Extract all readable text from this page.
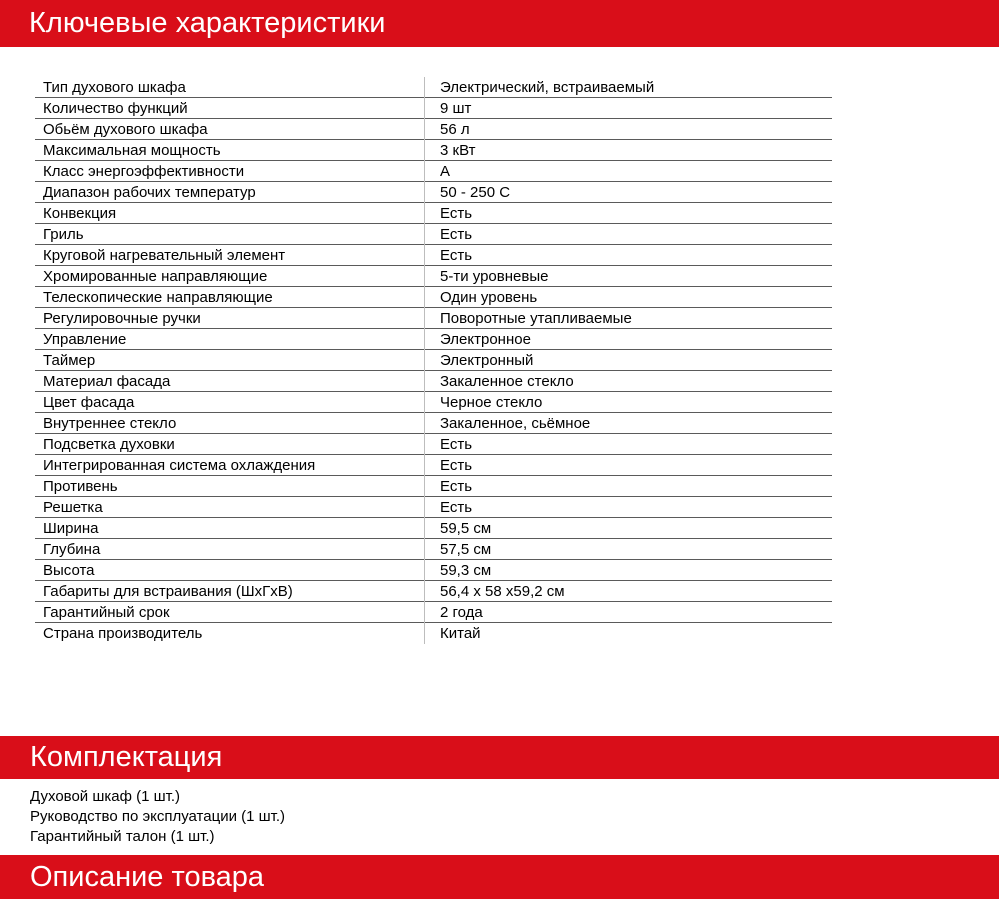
Ключевые характеристики
Тип духового шкафа	Электрический, встраиваемый
Количество функций	9 шт
Обьём духового шкафа	56 л
Максимальная мощность	3 кВт
Класс энергоэффективности	А
Диапазон рабочих температур	50 - 250 С
Конвекция	Есть
Гриль	Есть
Круговой нагревательный элемент	Есть
Хромированные направляющие	5-ти уровневые
Телескопические направляющие	Один уровень
Регулировочные ручки	Поворотные утапливаемые
Управление	Электронное
Таймер	Электронный
Материал фасада	Закаленное стекло
Цвет фасада	Черное стекло
Внутреннее стекло	Закаленное, сьёмное
Подсветка духовки	Есть
Интегрированная система охлаждения	Есть
Противень	Есть
Решетка	Есть
Ширина	59,5 см
Глубина	57,5 см
Высота	59,3 см
Габариты для встраивания (ШхГхВ)	56,4 х 58 х59,2 см
Гарантийный срок	2 года
Страна производитель	Китай
Комплектация
Духовой шкаф (1 шт.)
Руководство по эксплуатации (1 шт.)
Гарантийный талон (1 шт.)
Описание товара
